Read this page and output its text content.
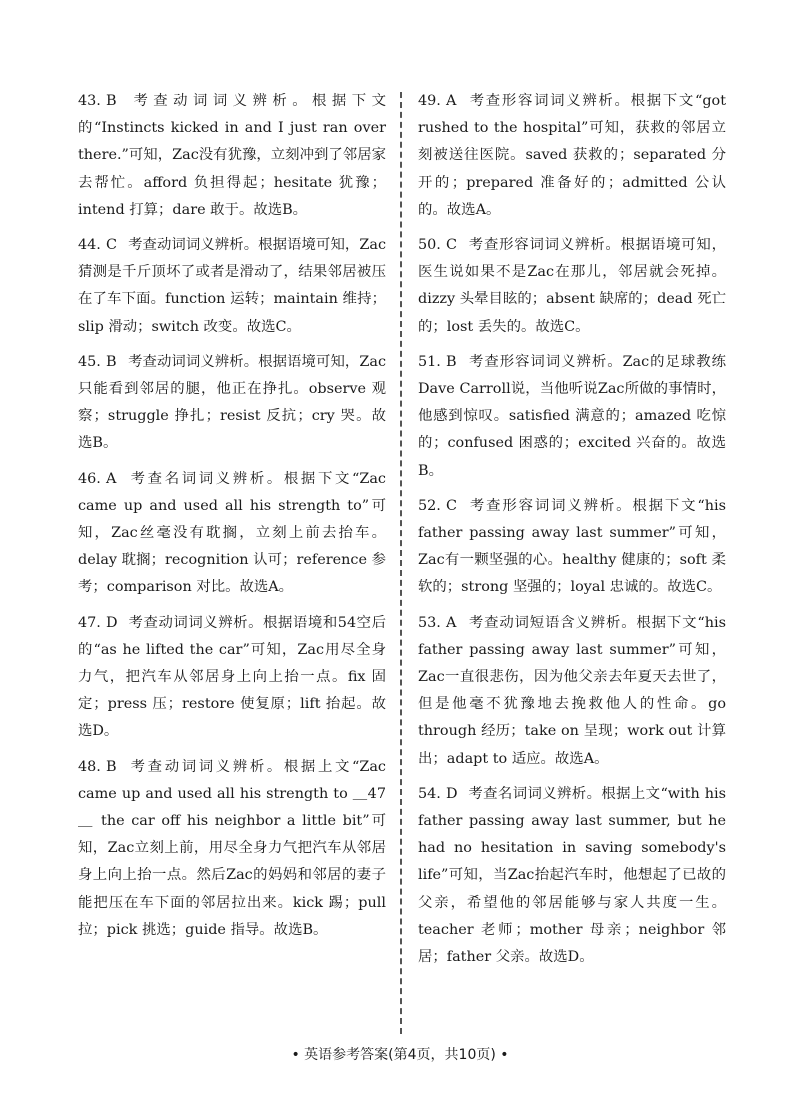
43. B 考查动词词义辨析。根据下文的“Instincts kicked in and I just ran over there.”可知，Zac没有犹豫，立刻冲到了邻居家去帮忙。afford 负担得起；hesitate 犹豫；intend 打算；dare 敢于。故选B。
44. C 考查动词词义辨析。根据语境可知，Zac猜测是千斤顶坏了或者是滑动了，结果邻居被压在了车下面。function 运转；maintain 维持；slip 滑动；switch 改变。故选C。
45. B 考查动词词义辨析。根据语境可知，Zac只能看到邻居的腿，他正在挣扎。observe 观察；struggle 挣扎；resist 反抗；cry 哭。故选B。
46. A 考查名词词义辨析。根据下文“Zac came up and used all his strength to”可知，Zac丝毫没有耽搁，立刻上前去抬车。delay 耽搁；recognition 认可；reference 参考；comparison 对比。故选A。
47. D 考查动词词义辨析。根据语境和54空后的“as he lifted the car”可知，Zac用尽全身力气，把汽车从邻居身上向上抬一点。fix 固定；press 压；restore 使复原；lift 抬起。故选D。
48. B 考查动词词义辨析。根据上文“Zac came up and used all his strength to ＿47＿ the car off his neighbor a little bit”可知，Zac立刻上前，用尽全身力气把汽车从邻居身上向上抬一点。然后Zac的妈妈和邻居的妻子能把压在车下面的邻居拉出来。kick 踢；pull 拉；pick 挑选；guide 指导。故选B。
49. A 考查形容词词义辨析。根据下文“got rushed to the hospital”可知，获救的邻居立刻被送往医院。saved 获救的；separated 分开的；prepared 准备好的；admitted 公认的。故选A。
50. C 考查形容词词义辨析。根据语境可知，医生说如果不是Zac在那儿，邻居就会死掉。dizzy 头晕目眩的；absent 缺席的；dead 死亡的；lost 丢失的。故选C。
51. B 考查形容词词义辨析。Zac的足球教练Dave Carroll说，当他听说Zac所做的事情时，他感到惊叹。satisfied 满意的；amazed 吃惊的；confused 困惑的；excited 兴奋的。故选B。
52. C 考查形容词词义辨析。根据下文“his father passing away last summer”可知，Zac有一颗坚强的心。healthy 健康的；soft 柔软的；strong 坚强的；loyal 忠诚的。故选C。
53. A 考查动词短语含义辨析。根据下文“his father passing away last summer”可知，Zac一直很悲伤，因为他父亲去年夏天去世了，但是他毫不犹豫地去挽救他人的性命。go through 经历；take on 呈现；work out 计算出；adapt to 适应。故选A。
54. D 考查名词词义辨析。根据上文“with his father passing away last summer, but he had no hesitation in saving somebody's life”可知，当Zac抬起汽车时，他想起了已故的父亲，希望他的邻居能够与家人共度一生。teacher 老师；mother 母亲；neighbor 邻居；father 父亲。故选D。
• 英语参考答案(第4页，共10页) •
